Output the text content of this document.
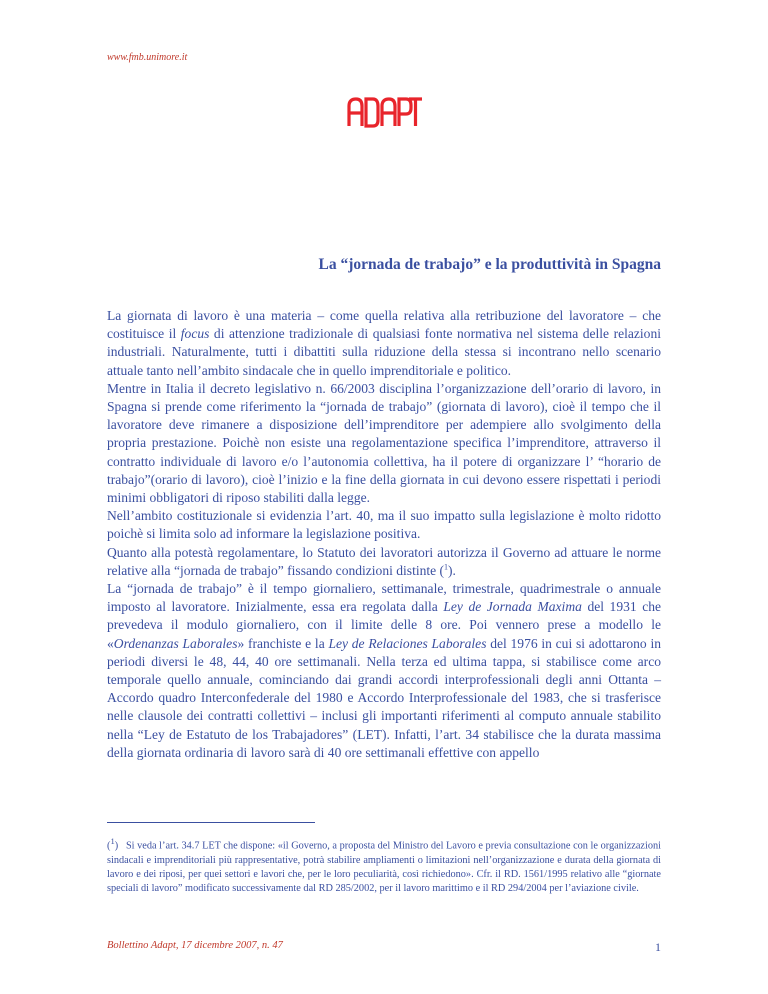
www.fmb.unimore.it
La “jornada de trabajo” e la produttività in Spagna

La giornata di lavoro è una materia – come quella relativa alla retribuzione del lavoratore – che costituisce il focus di attenzione tradizionale di qualsiasi fonte normativa nel sistema delle relazioni industriali. Naturalmente, tutti i dibattiti sulla riduzione della stessa si incontrano nello scenario attuale tanto nell’ambito sindacale che in quello imprenditoriale e politico.

Mentre in Italia il decreto legislativo n. 66/2003 disciplina l’organizzazione dell’orario di lavoro, in Spagna si prende come riferimento la “jornada de trabajo” (giornata di lavoro), cioè il tempo che il lavoratore deve rimanere a disposizione dell’imprenditore per adempiere allo svolgimento della propria prestazione. Poichè non esiste una regolamentazione specifica l’imprenditore, attraverso il contratto individuale di lavoro e/o l’autonomia collettiva, ha il potere di organizzare l’ “horario de trabajo”(orario di lavoro), cioè l’inizio e la fine della giornata in cui devono essere rispettati i periodi minimi obbligatori di riposo stabiliti dalla legge.

Nell’ambito costituzionale si evidenzia l’art. 40, ma il suo impatto sulla legislazione è molto ridotto poichè si limita solo ad informare la legislazione positiva.

Quanto alla potestà regolamentare, lo Statuto dei lavoratori autorizza il Governo ad attuare le norme relative alla “jornada de trabajo” fissando condizioni distinte ($^1$).

La “jornada de trabajo” è il tempo giornaliero, settimanale, trimestrale, quadrimestrale o annuale imposto al lavoratore. Inizialmente, essa era regolata dalla Ley de Jornada Maxima del 1931 che prevedeva il modulo giornaliero, con il limite delle 8 ore. Poi vennero prese a modello le «Ordenanzas Laborales» franchiste e la Ley de Relaciones Laborales del 1976 in cui si adottarono in periodi diversi le 48, 44, 40 ore settimanali. Nella terza ed ultima tappa, si stabilisce come arco temporale quello annuale, cominciando dai grandi accordi interprofessionali degli anni Ottanta – Accordo quadro Interconfederale del 1980 e Accordo Interprofessionale del 1983, che si trasferisce nelle clausole dei contratti collettivi – inclusi gli importanti riferimenti al computo annuale stabilito nella “Ley de Estatuto de los Trabajadores” (LET). Infatti, l’art. 34 stabilisce che la durata massima della giornata ordinaria di lavoro sarà di 40 ore settimanali effettive con appello

($^1$)   Si veda l’art. 34.7 LET che dispone: «il Governo, a proposta del Ministro del Lavoro e previa consultazione con le organizzazioni sindacali e imprenditoriali più rappresentative, potrà stabilire ampliamenti o limitazioni nell’organizzazione e durata della giornata di lavoro e dei riposi, per quei settori e lavori che, per le loro peculiarità, così richiedono». Cfr. il RD. 1561/1995 relativo alle “giornate speciali di lavoro” modificato successivamente dal RD 285/2002, per il lavoro marittimo e il RD 294/2004 per l’aviazione civile.
Bollettino Adapt, 17 dicembre 2007, n. 47	1
